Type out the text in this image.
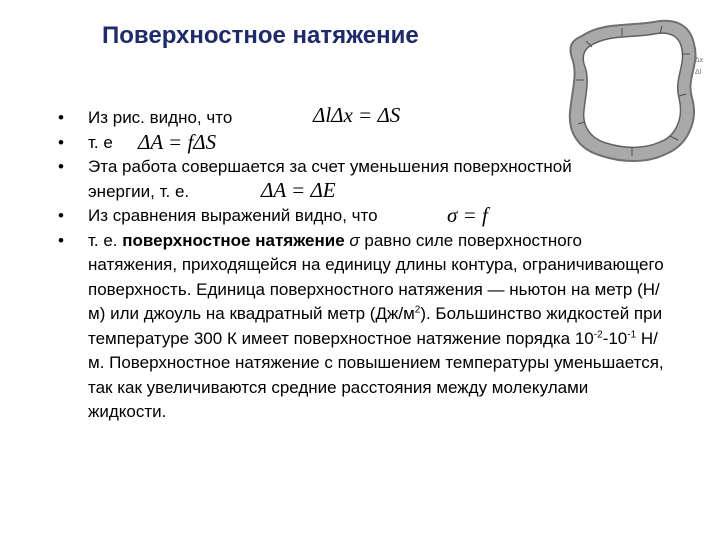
Поверхностное натяжение
Δx
Δl
• Из рис. видно, что	ΔlΔx = ΔS
• т. е ΔA = fΔS
• Эта работа совершается за счет уменьшения поверхностной
энергии, т. е.	ΔA = ΔE
• Из сравнения выражений видно, что	σ = f
• т. е. поверхностное натяжение σ равно силе поверхностного натяжения, приходящейся на единицу длины контура, ограничивающего поверхность. Единица поверхностного натяжения — ньютон на метр (Н/м) или джоуль на квадратный метр $(Дж/м^2)$. Большинство жидкостей при температуре 300 К имеет поверхностное натяжение порядка $10^{-2}-10^{-1}$ Н/м. Поверхностное натяжение с повышением температуры уменьшается, так как увеличиваются средние расстояния между молекулами жидкости.
